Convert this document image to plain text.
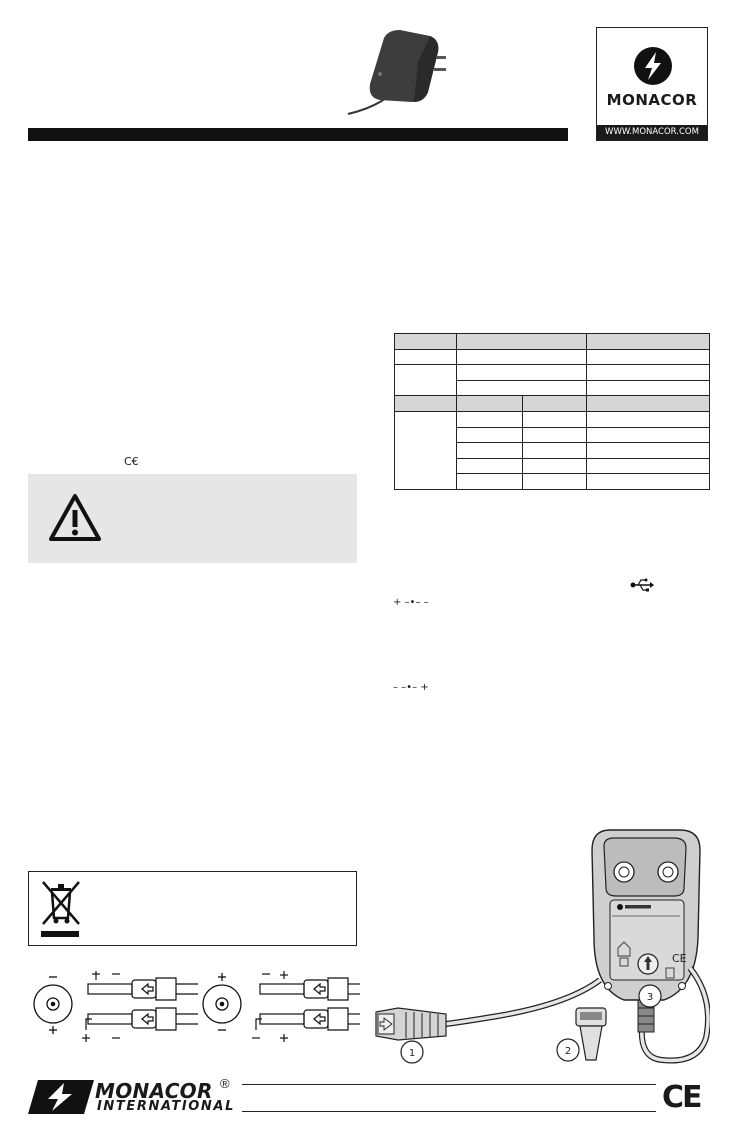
MONACOR
WWW.MONACOR.COM
C€

+ –•– –
– –•– +
CE
1	2
3
MONACOR ®
INTERNATIONAL	CE
